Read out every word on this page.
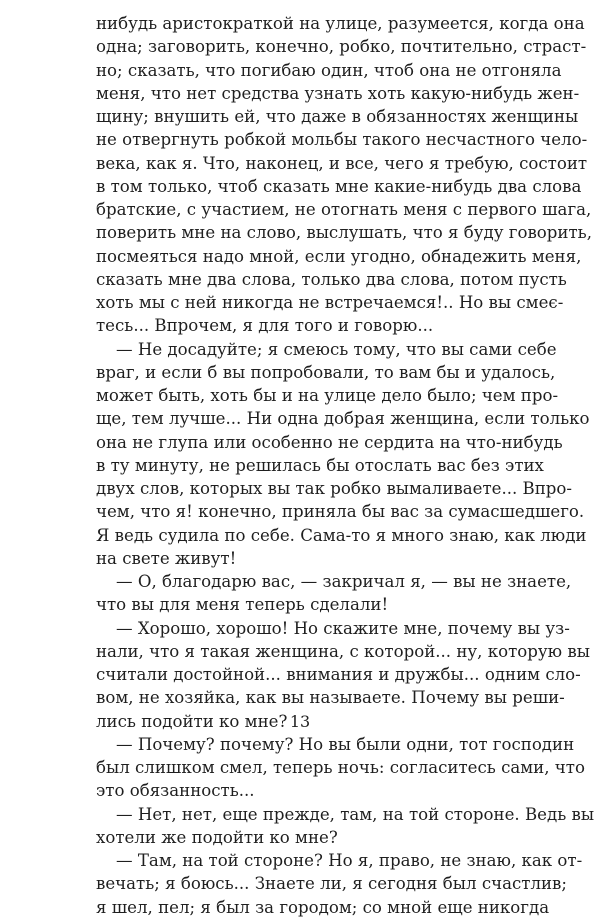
нибудь аристократкой на улице, разумеется, когда она
одна; заговорить, конечно, робко, почтительно, страст-
но; сказать, что погибаю один, чтоб она не отгоняла
меня, что нет средства узнать хоть какую-нибудь жен-
щину; внушить ей, что даже в обязанностях женщины
не отвергнуть робкой мольбы такого несчастного чело-
века, как я. Что, наконец, и все, чего я требую, состоит
в том только, чтоб сказать мне какие-нибудь два слова
братские, с участием, не отогнать меня с первого шага,
поверить мне на слово, выслушать, что я буду говорить,
посмеяться надо мной, если угодно, обнадежить меня,
сказать мне два слова, только два слова, потом пусть
хоть мы с ней никогда не встречаемся!.. Но вы смеє-
тесь... Впрочем, я для того и говорю...
— Не досадуйте; я смеюсь тому, что вы сами себе
враг, и если б вы попробовали, то вам бы и удалось,
может быть, хоть бы и на улице дело было; чем про-
ще, тем лучше... Ни одна добрая женщина, если только
она не глупа или особенно не сердита на что-нибудь
в ту минуту, не решилась бы отослать вас без этих
двух слов, которых вы так робко вымаливаете... Впро-
чем, что я! конечно, приняла бы вас за сумасшедшего.
Я ведь судила по себе. Сама-то я много знаю, как люди
на свете живут!
— О, благодарю вас, — закричал я, — вы не знаете,
что вы для меня теперь сделали!
— Хорошо, хорошо! Но скажите мне, почему вы уз-
нали, что я такая женщина, с которой... ну, которую вы
считали достойной... внимания и дружбы... одним сло-
вом, не хозяйка, как вы называете. Почему вы реши-
лись подойти ко мне?
— Почему? почему? Но вы были одни, тот господин
был слишком смел, теперь ночь: согласитесь сами, что
это обязанность...
— Нет, нет, еще прежде, там, на той стороне. Ведь вы
хотели же подойти ко мне?
— Там, на той стороне? Но я, право, не знаю, как от-
вечать; я боюсь... Знаете ли, я сегодня был счастлив;
я шел, пел; я был за городом; со мной еще никогда
13
